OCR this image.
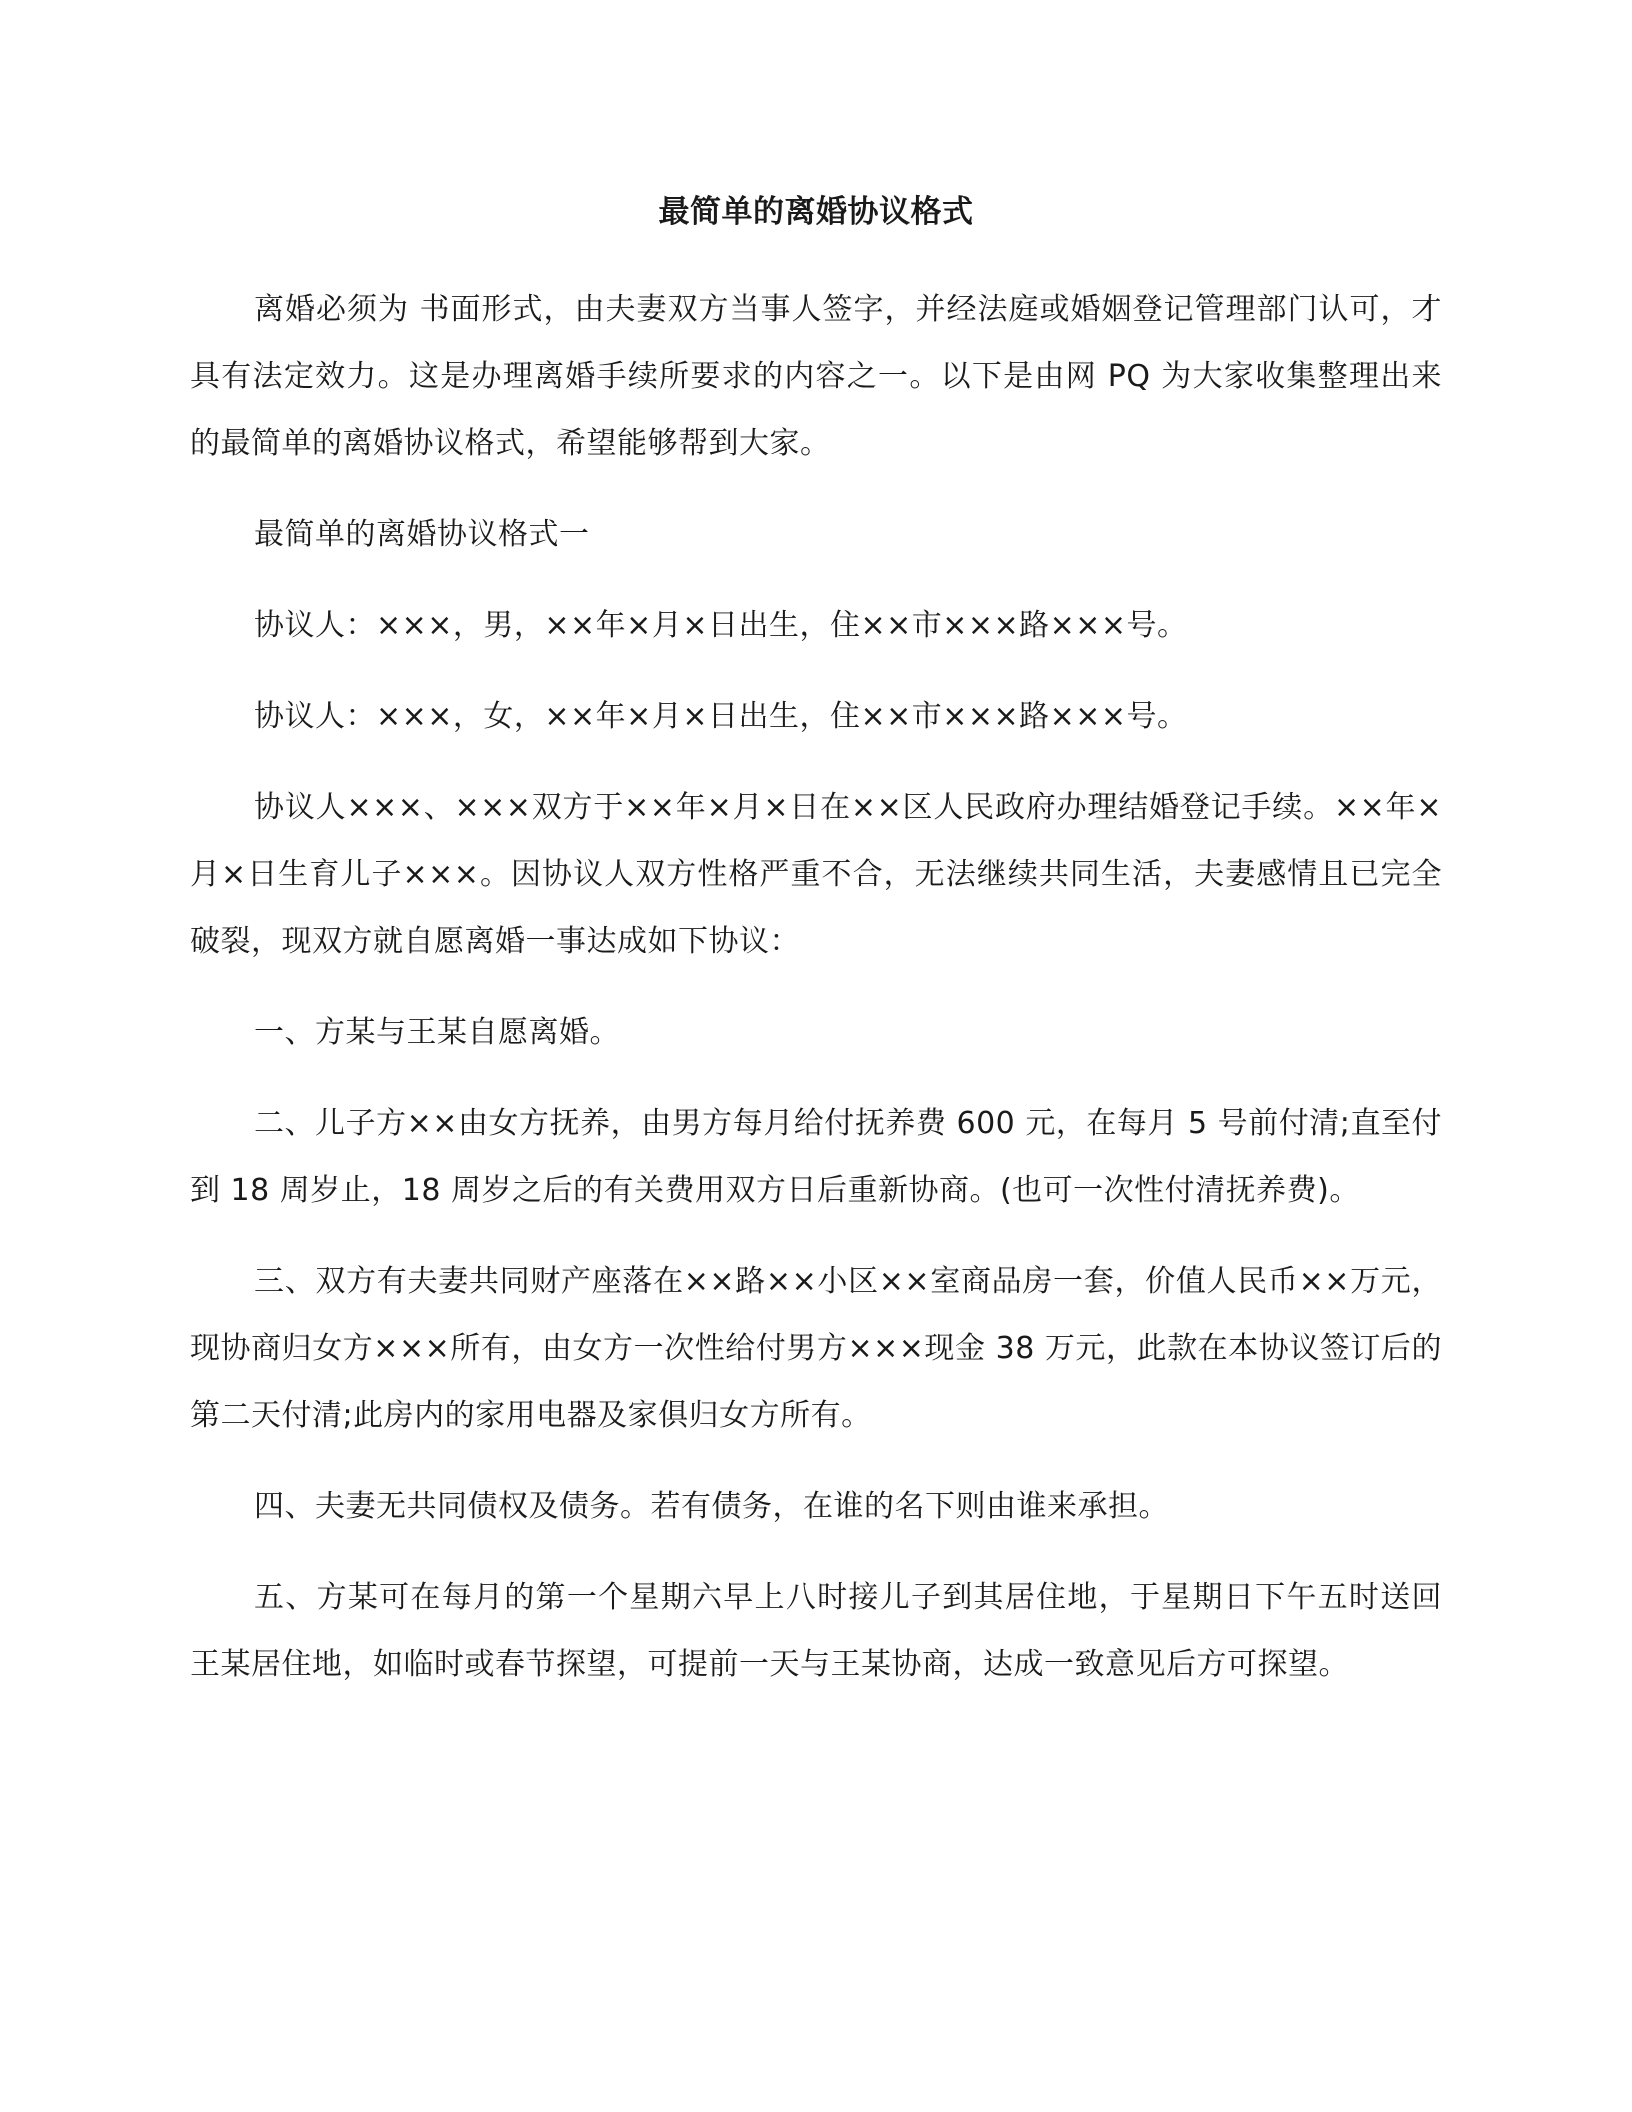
最简单的离婚协议格式

离婚必须为 书面形式，由夫妻双方当事人签字，并经法庭或婚姻登记管理部门认可，才具有法定效力。这是办理离婚手续所要求的内容之一。以下是由网 PQ 为大家收集整理出来的最简单的离婚协议格式，希望能够帮到大家。

最简单的离婚协议格式一

协议人：×××，男，××年×月×日出生，住××市×××路×××号。

协议人：×××，女，××年×月×日出生，住××市×××路×××号。

协议人×××、×××双方于××年×月×日在××区人民政府办理结婚登记手续。××年×月×日生育儿子×××。因协议人双方性格严重不合，无法继续共同生活，夫妻感情且已完全破裂，现双方就自愿离婚一事达成如下协议：

一、方某与王某自愿离婚。

二、儿子方××由女方抚养，由男方每月给付抚养费 600 元，在每月 5 号前付清;直至付到 18 周岁止，18 周岁之后的有关费用双方日后重新协商。(也可一次性付清抚养费)。

三、双方有夫妻共同财产座落在××路××小区××室商品房一套，价值人民币××万元，现协商归女方×××所有，由女方一次性给付男方×××现金 38 万元，此款在本协议签订后的第二天付清;此房内的家用电器及家俱归女方所有。

四、夫妻无共同债权及债务。若有债务，在谁的名下则由谁来承担。

五、方某可在每月的第一个星期六早上八时接儿子到其居住地，于星期日下午五时送回王某居住地，如临时或春节探望，可提前一天与王某协商，达成一致意见后方可探望。
